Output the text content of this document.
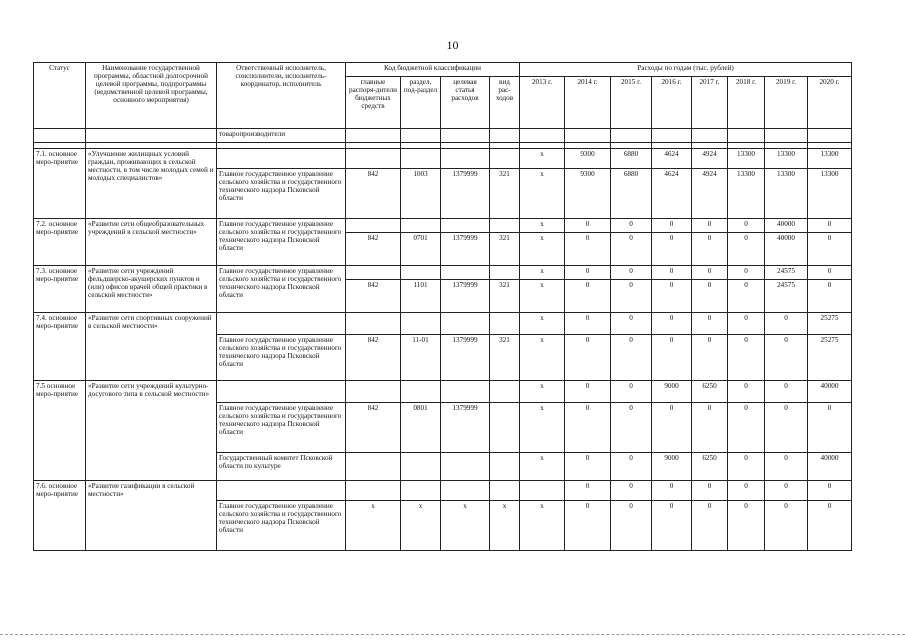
10
Статус	Наименование государственной программы, областной долгосрочной целевой программы, подпрограммы (ведомственной целевой программы, основного мероприятия)	Ответственный исполнитель, соисполнители, исполнитель-координатор, исполнитель	Код бюджетной классификации				Расходы по годам (тыс. рублей)							
			главные распоря-дители бюджетных средств	раздел, под-раздел	целевая статья расходов	вид рас-ходов	2013 г.	2014 г.	2015 г.	2016 г.	2017 г.	2018 г.	2019 г.	2020 г.
		товаропроизводители												

7.1. основное меро-приятие	«Улучшение жилищных условий граждан, проживающих в сельской местности, в том числе молодых семей и молодых специалистов»						х	9300	6880	4624	4924	13300	13300	13300
		Главное государственное управление сельского хозяйства и государственного технического надзора Псковской области	842	1003	1379999	321	х	9300	6880	4624	4924	13300	13300	13300
7.2. основное меро-приятие	«Развитие сети общеобразовательных учреждений в сельской местности»	Главное государственное управление сельского хозяйства и государственного технического надзора Псковской области					х	0	0	0	0	0	40000	0
			842	0701	1379999	321	х	0	0	0	0	0	40000	0
7.3. основное меро-приятие	«Развитие сети учреждений фельдшерско-акушерских пунктов и (или) офисов врачей общей практики в сельской местности»	Главное государственное управление сельского хозяйства и государственного технического надзора Псковской области					х	0	0	0	0	0	24575	0
			842	1101	1379999	321	х	0	0	0	0	0	24575	0
7.4. основное меро-приятие	«Развитие сети спортивных сооружений в сельской местности»						х	0	0	0	0	0	0	25275
		Главное государственное управление сельского хозяйства и государственного технического надзора Псковской области	842	11-01	1379999	321	х	0	0	0	0	0	0	25275
7.5 основное меро-приятие	«Развитие сети учреждений культурно-досугового типа в сельской местности»						х	0	0	9000	6250	0	0	40000
		Главное государственное управление сельского хозяйства и государственного технического надзора Псковской области	842	0801	1379999		х	0	0	0	0	0	0	0
		Государственный комитет Псковской области по культуре					х	0	0	9000	6250	0	0	40000
7.6. основное меро-приятие	«Развитие газификации в сельской местности»							0	0	0	0	0	0	0
		Главное государственное управление сельского хозяйства и государственного технического надзора Псковской области	х	х	х	х	х	0	0	0	0	0	0	0
